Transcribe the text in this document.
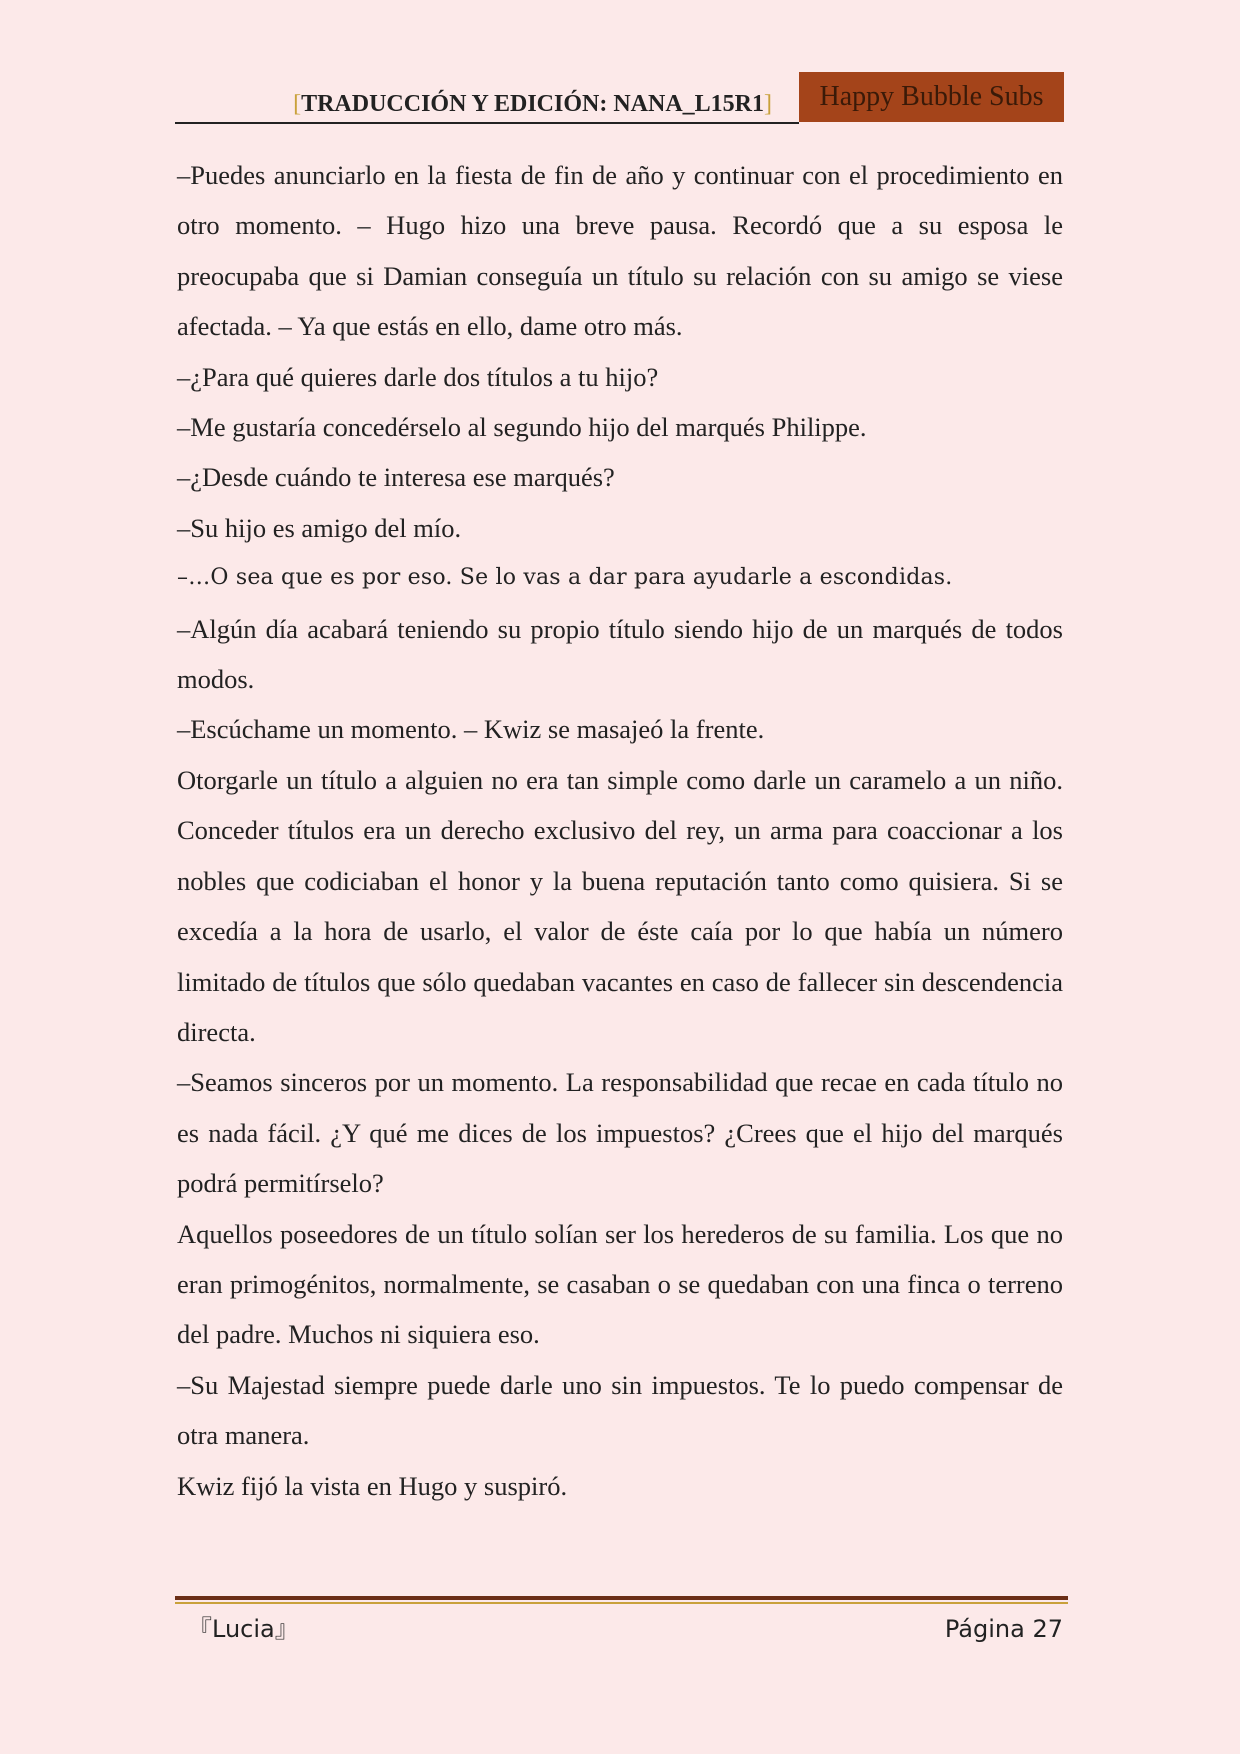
[TRADUCCIÓN Y EDICIÓN: NANA_L15R1]	Happy Bubble Subs

–Puedes anunciarlo en la fiesta de fin de año y continuar con el procedimiento en otro momento. – Hugo hizo una breve pausa. Recordó que a su esposa le preocupaba que si Damian conseguía un título su relación con su amigo se viese afectada. – Ya que estás en ello, dame otro más.

–¿Para qué quieres darle dos títulos a tu hijo?

–Me gustaría concedérselo al segundo hijo del marqués Philippe.

–¿Desde cuándo te interesa ese marqués?

–Su hijo es amigo del mío.

–…O sea que es por eso. Se lo vas a dar para ayudarle a escondidas.

–Algún día acabará teniendo su propio título siendo hijo de un marqués de todos modos.

–Escúchame un momento. – Kwiz se masajeó la frente.

Otorgarle un título a alguien no era tan simple como darle un caramelo a un niño. Conceder títulos era un derecho exclusivo del rey, un arma para coaccionar a los nobles que codiciaban el honor y la buena reputación tanto como quisiera. Si se excedía a la hora de usarlo, el valor de éste caía por lo que había un número limitado de títulos que sólo quedaban vacantes en caso de fallecer sin descendencia directa.

–Seamos sinceros por un momento. La responsabilidad que recae en cada título no es nada fácil. ¿Y qué me dices de los impuestos? ¿Crees que el hijo del marqués podrá permitírselo?

Aquellos poseedores de un título solían ser los herederos de su familia. Los que no eran primogénitos, normalmente, se casaban o se quedaban con una finca o terreno del padre. Muchos ni siquiera eso.

–Su Majestad siempre puede darle uno sin impuestos. Te lo puedo compensar de otra manera.

Kwiz fijó la vista en Hugo y suspiró.

『Lucia』	Página 27
